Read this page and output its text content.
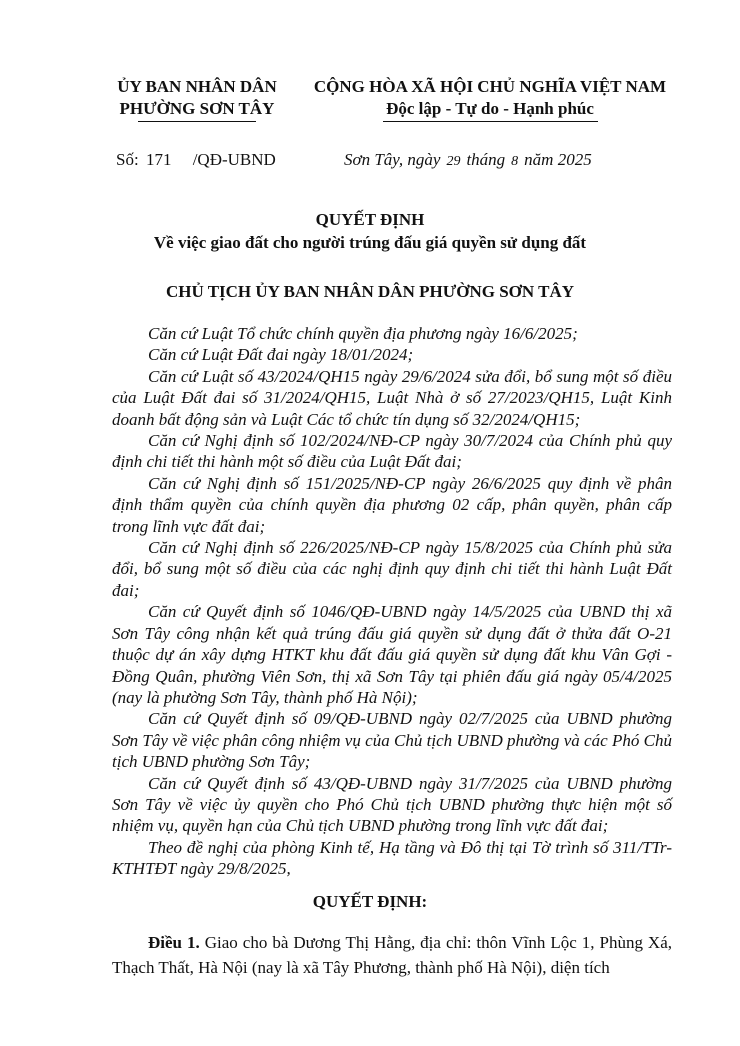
ỦY BAN NHÂN DÂN
PHƯỜNG SƠN TÂY
CỘNG HÒA XÃ HỘI CHỦ NGHĨA VIỆT NAM
Độc lập - Tự do - Hạnh phúc
Số: 171 /QĐ-UBND	Sơn Tây, ngày 29 tháng 8 năm 2025
QUYẾT ĐỊNH
Về việc giao đất cho người trúng đấu giá quyền sử dụng đất
CHỦ TỊCH ỦY BAN NHÂN DÂN PHƯỜNG SƠN TÂY

Căn cứ Luật Tổ chức chính quyền địa phương ngày 16/6/2025;

Căn cứ Luật Đất đai ngày 18/01/2024;

Căn cứ Luật số 43/2024/QH15 ngày 29/6/2024 sửa đổi, bổ sung một số điều của Luật Đất đai số 31/2024/QH15, Luật Nhà ở số 27/2023/QH15, Luật Kinh doanh bất động sản và Luật Các tổ chức tín dụng số 32/2024/QH15;

Căn cứ Nghị định số 102/2024/NĐ-CP ngày 30/7/2024 của Chính phủ quy định chi tiết thi hành một số điều của Luật Đất đai;

Căn cứ Nghị định số 151/2025/NĐ-CP ngày 26/6/2025 quy định về phân định thẩm quyền của chính quyền địa phương 02 cấp, phân quyền, phân cấp trong lĩnh vực đất đai;

Căn cứ Nghị định số 226/2025/NĐ-CP ngày 15/8/2025 của Chính phủ sửa đổi, bổ sung một số điều của các nghị định quy định chi tiết thi hành Luật Đất đai;

Căn cứ Quyết định số 1046/QĐ-UBND ngày 14/5/2025 của UBND thị xã Sơn Tây công nhận kết quả trúng đấu giá quyền sử dụng đất ở thửa đất O-21 thuộc dự án xây dựng HTKT khu đất đấu giá quyền sử dụng đất khu Vân Gợi - Đồng Quân, phường Viên Sơn, thị xã Sơn Tây tại phiên đấu giá ngày 05/4/2025 (nay là phường Sơn Tây, thành phố Hà Nội);

Căn cứ Quyết định số 09/QĐ-UBND ngày 02/7/2025 của UBND phường Sơn Tây về việc phân công nhiệm vụ của Chủ tịch UBND phường và các Phó Chủ tịch UBND phường Sơn Tây;

Căn cứ Quyết định số 43/QĐ-UBND ngày 31/7/2025 của UBND phường Sơn Tây về việc ủy quyền cho Phó Chủ tịch UBND phường thực hiện một số nhiệm vụ, quyền hạn của Chủ tịch UBND phường trong lĩnh vực đất đai;

Theo đề nghị của phòng Kinh tế, Hạ tầng và Đô thị tại Tờ trình số 311/TTr-KTHTĐT ngày 29/8/2025,

QUYẾT ĐỊNH:

Điều 1. Giao cho bà Dương Thị Hằng, địa chỉ: thôn Vĩnh Lộc 1, Phùng Xá, Thạch Thất, Hà Nội (nay là xã Tây Phương, thành phố Hà Nội), diện tích
